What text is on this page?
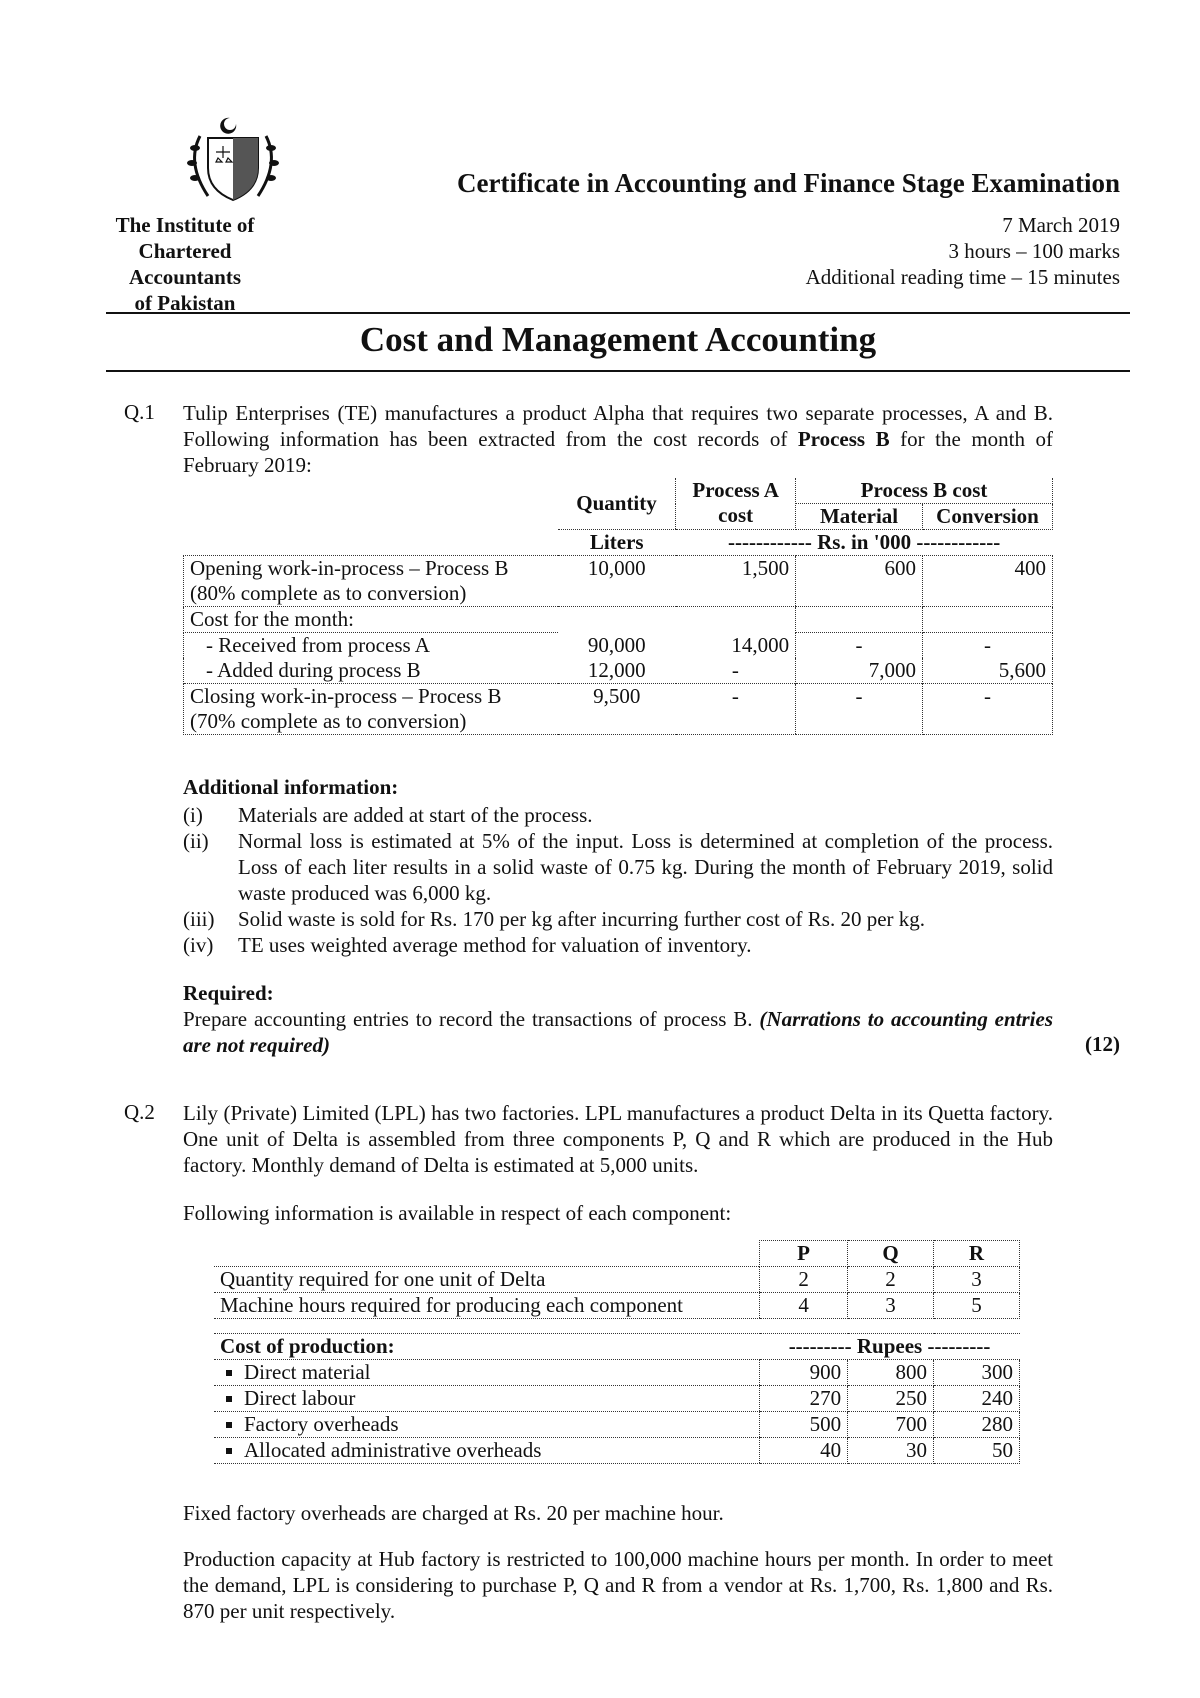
The Institute of
Chartered Accountants
of Pakistan
Certificate in Accounting and Finance Stage Examination
7 March 2019
3 hours – 100 marks
Additional reading time – 15 minutes
Cost and Management Accounting
Q.1 Tulip Enterprises (TE) manufactures a product Alpha that requires two separate processes, A and B. Following information has been extracted from the cost records of Process B for the month of February 2019:
	Quantity	Process A cost	Process B cost	
			Material	Conversion
	Liters	------------ Rs. in '000 ------------		

Opening work-in-process – Process B
(80% complete as to conversion)	10,000	1,500	600	400
Cost for the month:				
- Received from process A	90,000	14,000	-	-
- Added during process B	12,000	-	7,000	5,600

Closing work-in-process – Process B
(70% complete as to conversion)	9,500	-	-	-
Additional information:
(i)	Materials are added at start of the process.
(ii)	Normal loss is estimated at 5% of the input. Loss is determined at completion of the process. Loss of each liter results in a solid waste of 0.75 kg. During the month of February 2019, solid waste produced was 6,000 kg.
(iii)	Solid waste is sold for Rs. 170 per kg after incurring further cost of Rs. 20 per kg.
(iv)	TE uses weighted average method for valuation of inventory.
Required:
Prepare accounting entries to record the transactions of process B. (Narrations to accounting entries are not required)	(12)
Q.2 Lily (Private) Limited (LPL) has two factories. LPL manufactures a product Delta in its Quetta factory. One unit of Delta is assembled from three components P, Q and R which are produced in the Hub factory. Monthly demand of Delta is estimated at 5,000 units.
Following information is available in respect of each component:
	P	Q	R
Quantity required for one unit of Delta	2	2	3
Machine hours required for producing each component	4	3	5

Cost of production:	--------- Rupees ---------		
Direct material	900	800	300
Direct labour	270	250	240
Factory overheads	500	700	280
Allocated administrative overheads	40	30	50
Fixed factory overheads are charged at Rs. 20 per machine hour.
Production capacity at Hub factory is restricted to 100,000 machine hours per month. In order to meet the demand, LPL is considering to purchase P, Q and R from a vendor at Rs. 1,700, Rs. 1,800 and Rs. 870 per unit respectively.
